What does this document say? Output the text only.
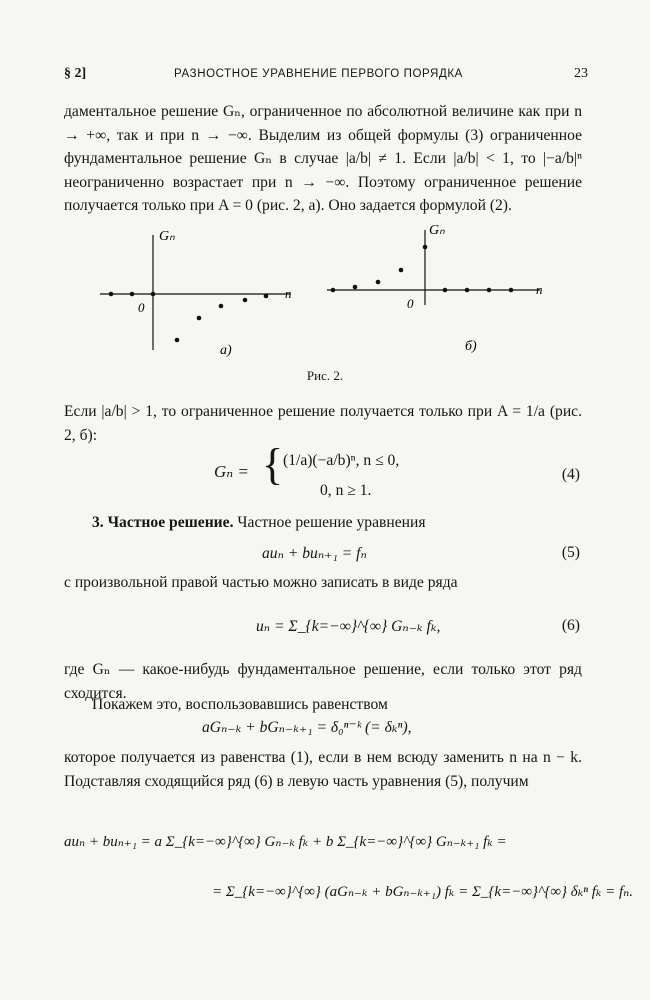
§ 2]	РАЗНОСТНОЕ УРАВНЕНИЕ ПЕРВОГО ПОРЯДКА	23

даментальное решение Gₙ, ограниченное по абсолютной величине как при n → +∞, так и при n → −∞. Выделим из общей формулы (3) ограниченное фундаментальное решение Gₙ в случае |a/b| ≠ 1. Если |a/b| < 1, то |−a/b|ⁿ неограниченно возрастает при n → −∞. Поэтому ограниченное решение получается только при A = 0 (рис. 2, а). Оно задается формулой (2).

Gₙ
n
0
а)
Gₙ
n
0
б)
Рис. 2.

Если |a/b| > 1, то ограниченное решение получается только при A = 1/a (рис. 2, б):

Gₙ = { (1/a)(−a/b)ⁿ, n ≤ 0,
0, n ≥ 1.
(4)
3. Частное решение. Частное решение уравнения
auₙ + buₙ₊₁ = fₙ	(5)
с произвольной правой частью можно записать в виде ряда
uₙ = Σ_{k=−∞}^{∞} Gₙ₋ₖ fₖ,	(6)

где Gₙ — какое-нибудь фундаментальное решение, если только этот ряд сходится.

Покажем это, воспользовавшись равенством
aGₙ₋ₖ + bGₙ₋ₖ₊₁ = δ₀ⁿ⁻ᵏ (= δₖⁿ),

которое получается из равенства (1), если в нем всюду заменить n на n − k. Подставляя сходящийся ряд (6) в левую часть уравнения (5), получим

auₙ + buₙ₊₁ = a Σ_{k=−∞}^{∞} Gₙ₋ₖ fₖ + b Σ_{k=−∞}^{∞} Gₙ₋ₖ₊₁ fₖ =
= Σ_{k=−∞}^{∞} (aGₙ₋ₖ + bGₙ₋ₖ₊₁) fₖ = Σ_{k=−∞}^{∞} δₖⁿ fₖ = fₙ.
